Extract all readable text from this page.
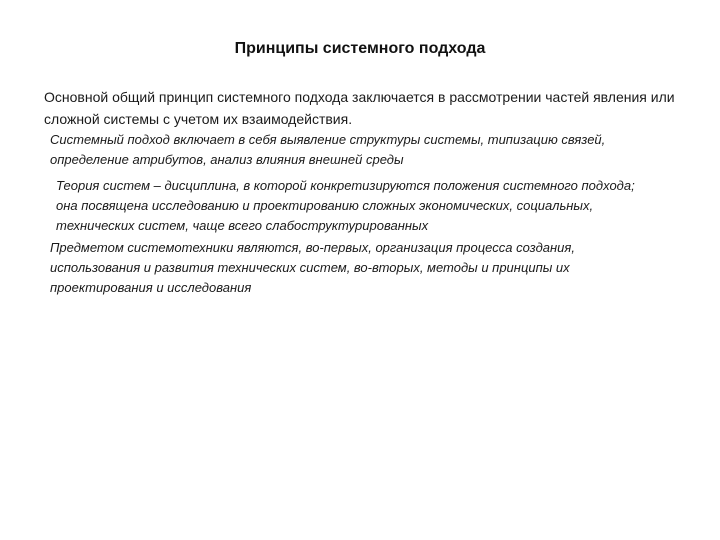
Принципы системного подхода

Основной общий принцип системного подхода заключается в рассмотрении частей явления или сложной системы с учетом их взаимодействия.

Системный подход включает в себя выявление структуры системы, типизацию связей, определение атрибутов, анализ влияния внешней среды

Теория систем – дисциплина, в которой конкретизируются положения системного подхода; она посвящена исследованию и проектированию сложных экономических, социальных, технических систем, чаще всего слабоструктурированных

Предметом системотехники являются, во-первых, организация процесса создания, использования и развития технических систем, во-вторых, методы и принципы их проектирования и исследования
